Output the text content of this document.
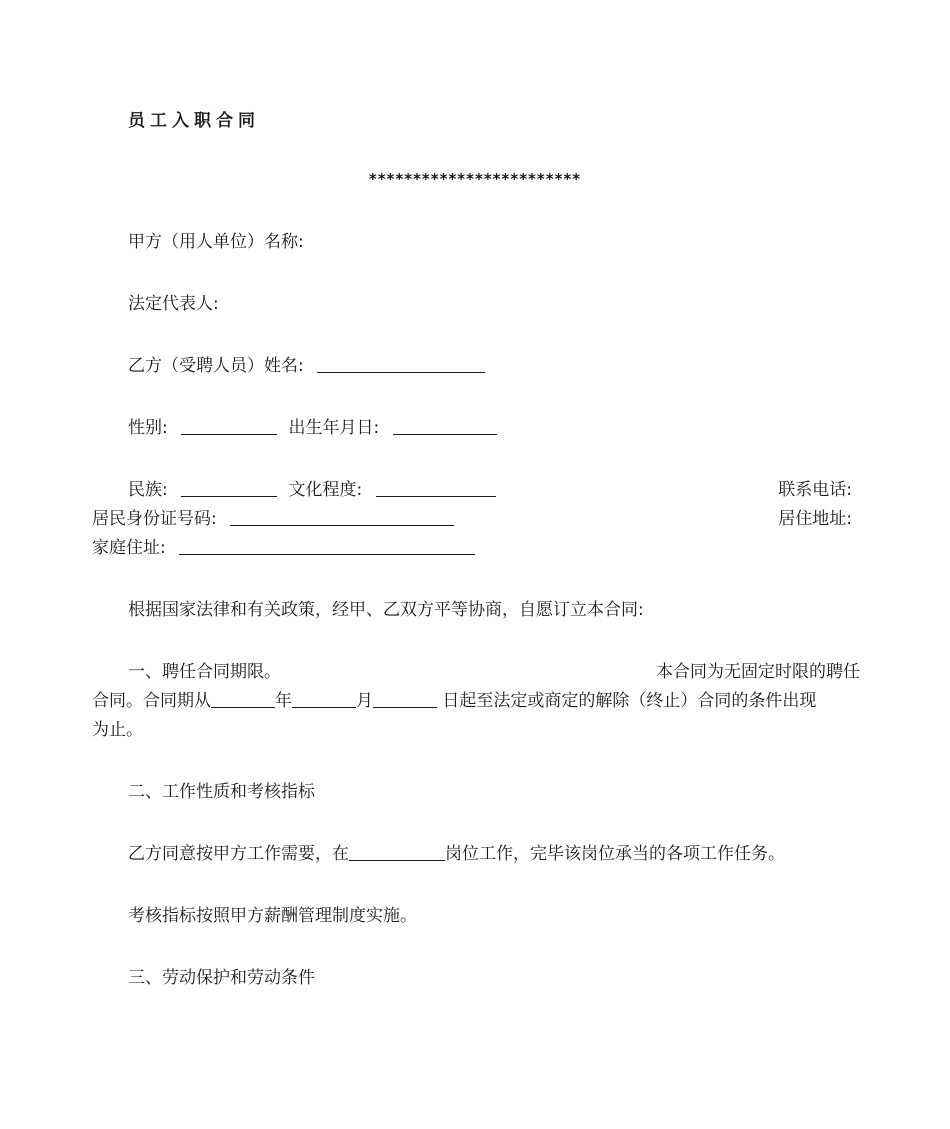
员工入职合同
************************
甲方（用人单位）名称:
法定代表人:
乙方（受聘人员）姓名:
性别:	出生年月日:
民族:	文化程度:	联系电话:
居民身份证号码:	居住地址:
家庭住址:
根据国家法律和有关政策，经甲、乙双方平等协商，自愿订立本合同:
一、聘任合同期限。	本合同为无固定时限的聘任
合同。合同期从	年	月	日起至法定或商定的解除（终止）合同的条件出现
为止。
二、工作性质和考核指标
乙方同意按甲方工作需要，在	岗位工作，完毕该岗位承当的各项工作任务。
考核指标按照甲方薪酬管理制度实施。
三、劳动保护和劳动条件
